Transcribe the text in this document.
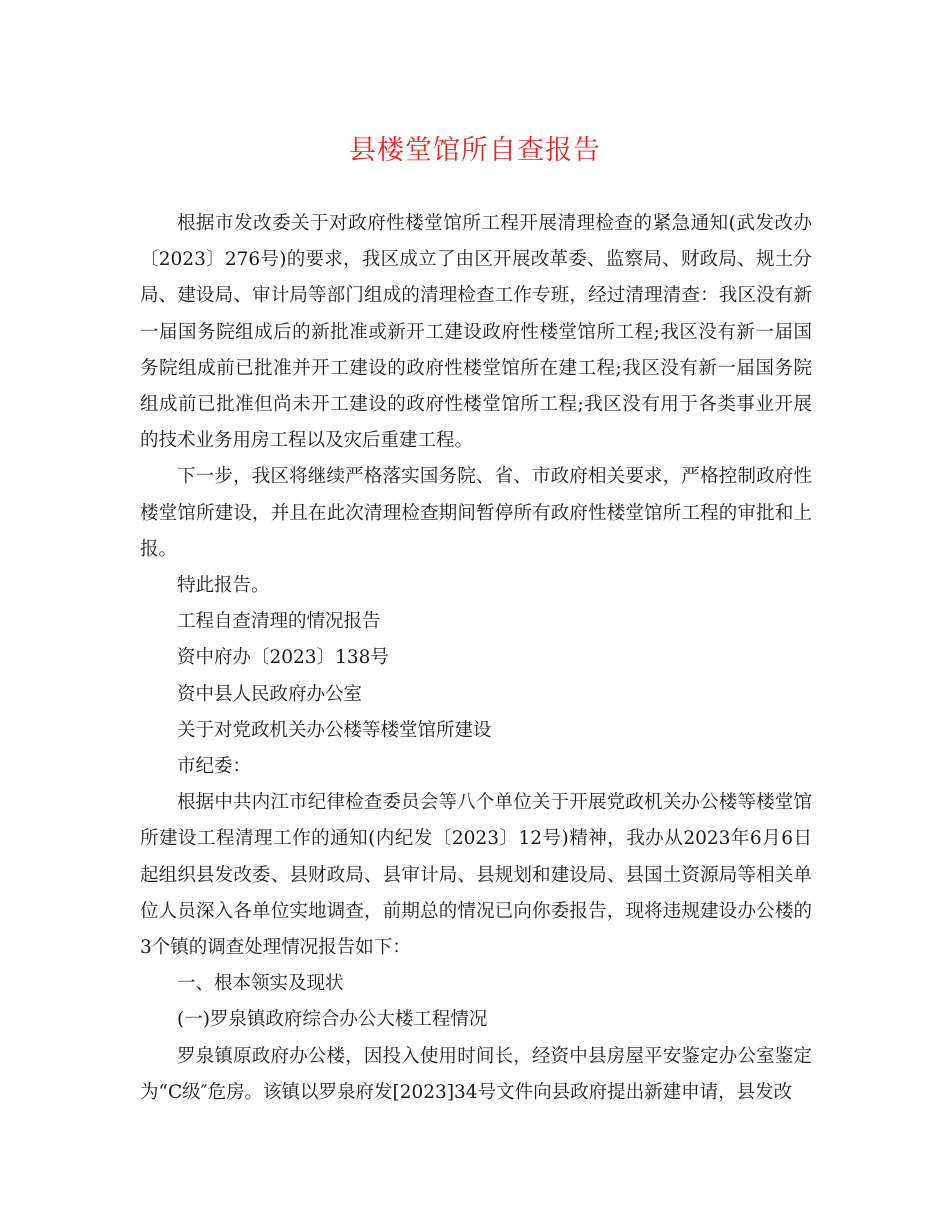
县楼堂馆所自查报告

根据市发改委关于对政府性楼堂馆所工程开展清理检查的紧急通知(武发改办〔2023〕276号)的要求，我区成立了由区开展改革委、监察局、财政局、规土分局、建设局、审计局等部门组成的清理检查工作专班，经过清理清查：我区没有新一届国务院组成后的新批准或新开工建设政府性楼堂馆所工程;我区没有新一届国务院组成前已批准并开工建设的政府性楼堂馆所在建工程;我区没有新一届国务院组成前已批准但尚未开工建设的政府性楼堂馆所工程;我区没有用于各类事业开展的技术业务用房工程以及灾后重建工程。

下一步，我区将继续严格落实国务院、省、市政府相关要求，严格控制政府性楼堂馆所建设，并且在此次清理检查期间暂停所有政府性楼堂馆所工程的审批和上报。

特此报告。

工程自查清理的情况报告

资中府办〔2023〕138号

资中县人民政府办公室

关于对党政机关办公楼等楼堂馆所建设

市纪委：

根据中共内江市纪律检查委员会等八个单位关于开展党政机关办公楼等楼堂馆所建设工程清理工作的通知(内纪发〔2023〕12号)精神，我办从2023年6月6日起组织县发改委、县财政局、县审计局、县规划和建设局、县国土资源局等相关单位人员深入各单位实地调查，前期总的情况已向你委报告，现将违规建设办公楼的3个镇的调查处理情况报告如下：

一、根本领实及现状

(一)罗泉镇政府综合办公大楼工程情况

罗泉镇原政府办公楼，因投入使用时间长，经资中县房屋平安鉴定办公室鉴定为“C级″危房。该镇以罗泉府发[2023]34号文件向县政府提出新建申请，县发改
